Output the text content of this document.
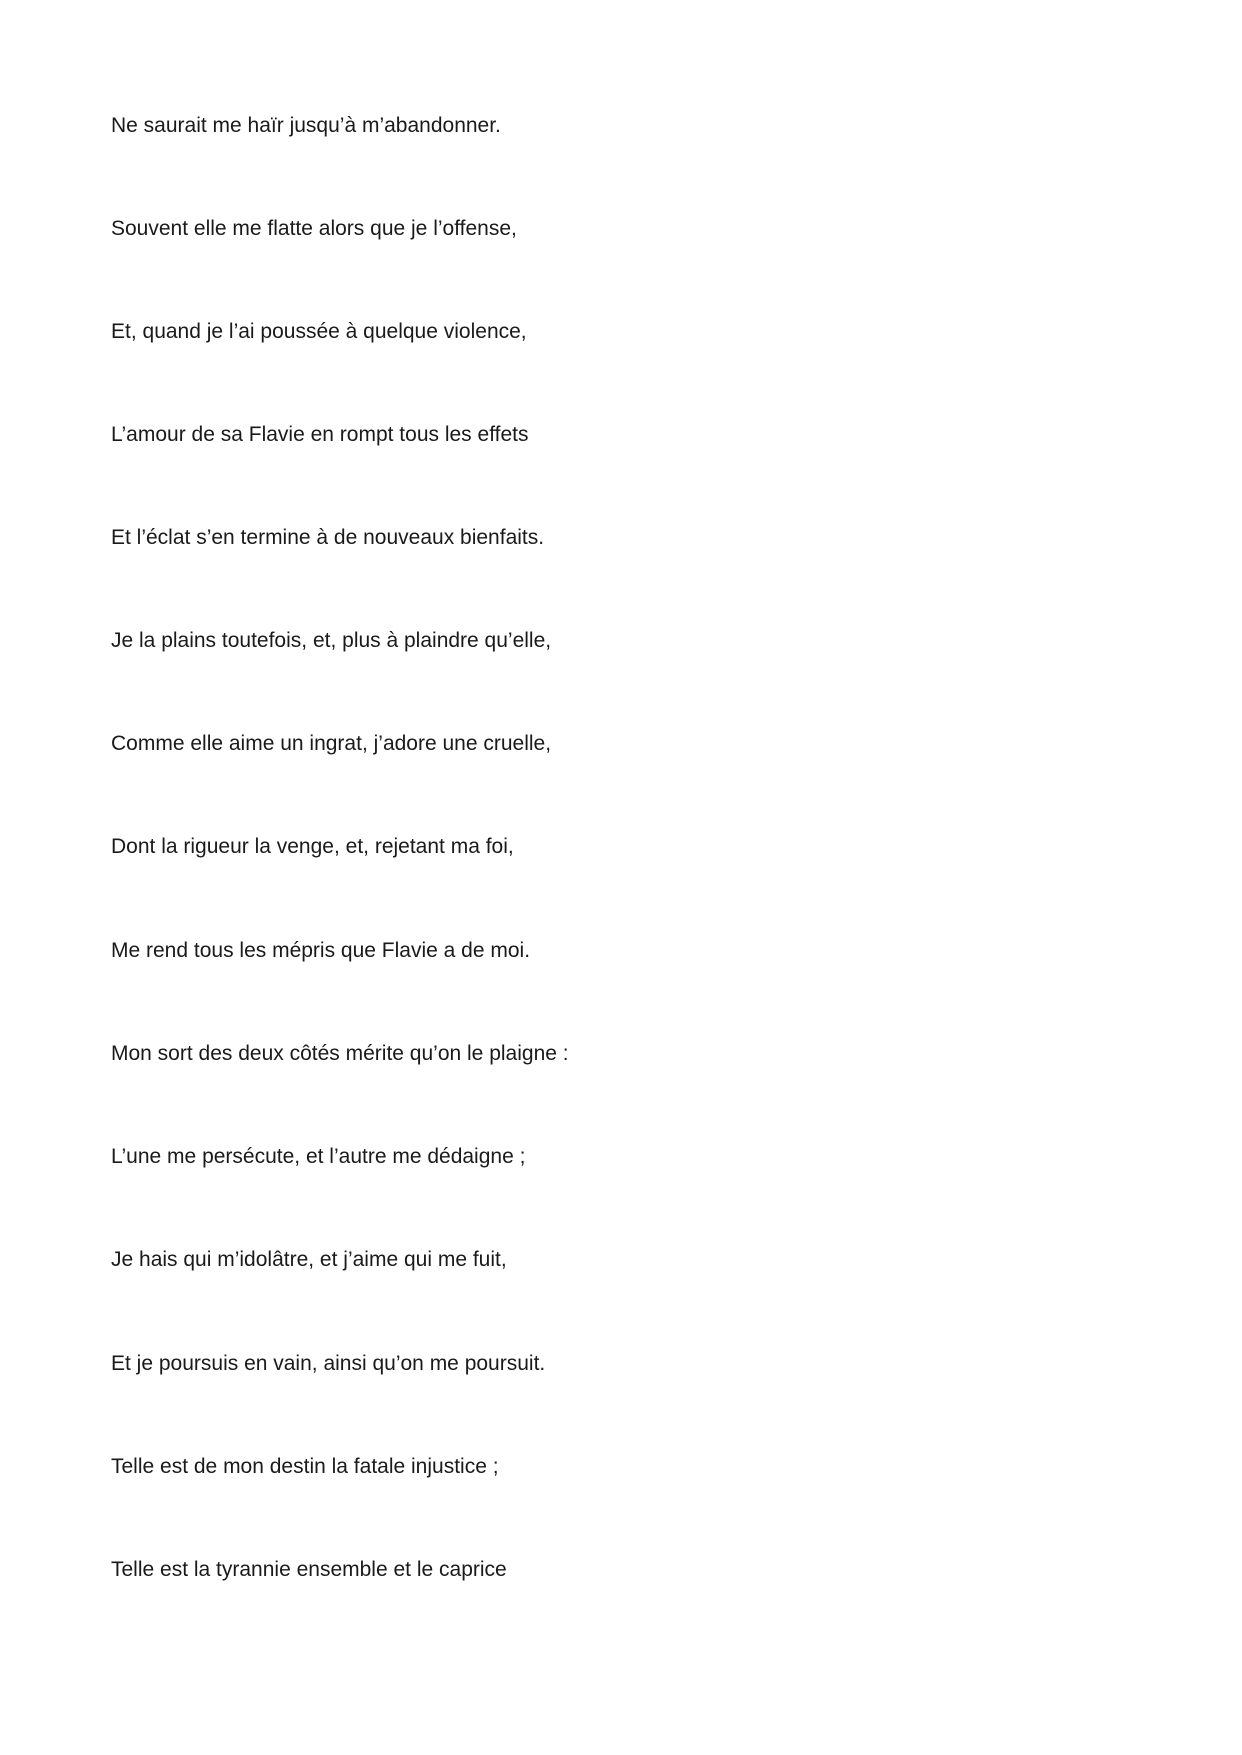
Ne saurait me haïr jusqu’à m’abandonner.
Souvent elle me flatte alors que je l’offense,
Et, quand je l’ai poussée à quelque violence,
L’amour de sa Flavie en rompt tous les effets
Et l’éclat s’en termine à de nouveaux bienfaits.
Je la plains toutefois, et, plus à plaindre qu’elle,
Comme elle aime un ingrat, j’adore une cruelle,
Dont la rigueur la venge, et, rejetant ma foi,
Me rend tous les mépris que Flavie a de moi.
Mon sort des deux côtés mérite qu’on le plaigne :
L’une me persécute, et l’autre me dédaigne ;
Je hais qui m’idolâtre, et j’aime qui me fuit,
Et je poursuis en vain, ainsi qu’on me poursuit.
Telle est de mon destin la fatale injustice ;
Telle est la tyrannie ensemble et le caprice
